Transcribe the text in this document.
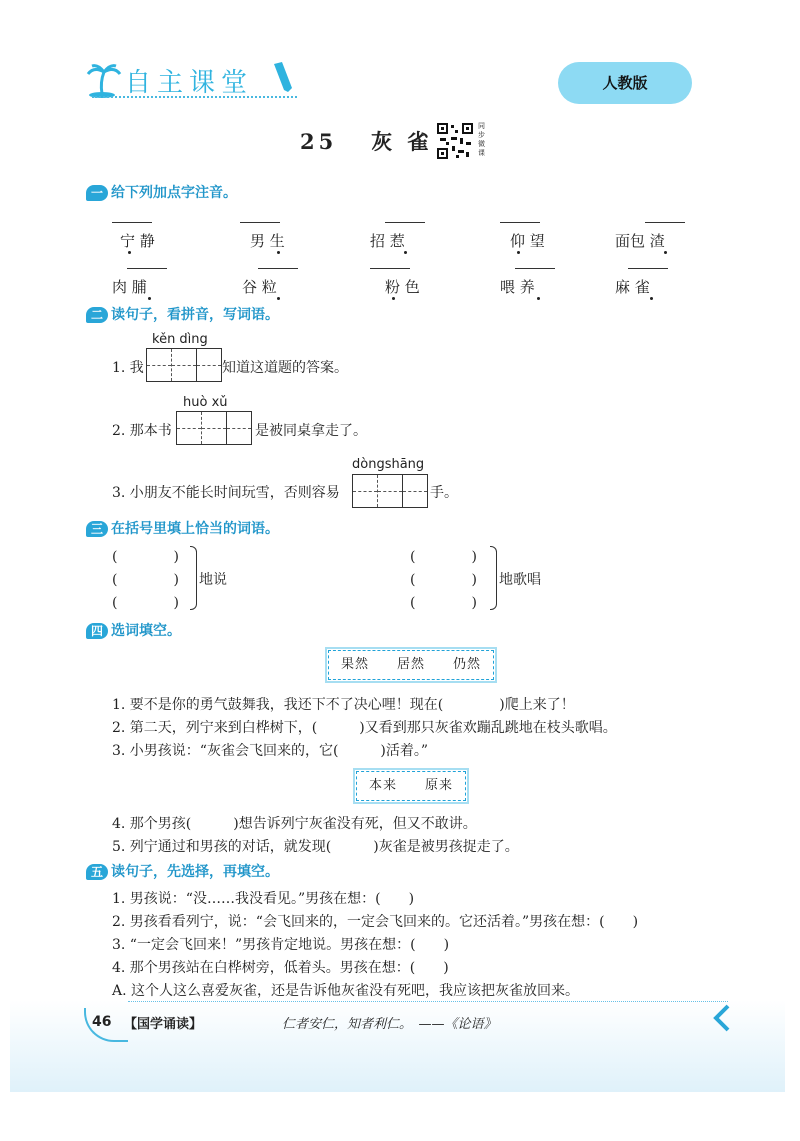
自主课堂	人教版
25 灰 雀
同步微课
一 给下列加点字注音。
宁 静	男 生	招 惹	仰 望	面包 渣
肉 脯	谷 粒	粉 色	喂 养	麻 雀
二 读句子，看拼音，写词语。
kěn dìng
1. 我	知道这道题的答案。
huò xǔ
2. 那本书	是被同桌拿走了。
dòngshāng
3. 小朋友不能长时间玩雪，否则容易	手。
三 在括号里填上恰当的词语。
(　　　　)
(　　　　)
(　　　　)
地说
(　　　　)
(　　　　)
(　　　　)
地歌唱
四 选词填空。
果然　　居然　　仍然
1. 要不是你的勇气鼓舞我，我还下不了决心哩！现在(　　　　)爬上来了！
2. 第二天，列宁来到白桦树下，(　　　)又看到那只灰雀欢蹦乱跳地在枝头歌唱。
3. 小男孩说：“灰雀会飞回来的，它(　　　)活着。”
本来　　原来
4. 那个男孩(　　　)想告诉列宁灰雀没有死，但又不敢讲。
5. 列宁通过和男孩的对话，就发现(　　　)灰雀是被男孩捉走了。
五 读句子，先选择，再填空。
1. 男孩说：“没……我没看见。”男孩在想：(　　)
2. 男孩看看列宁，说：“会飞回来的，一定会飞回来的。它还活着。”男孩在想：(　　)
3. “一定会飞回来！”男孩肯定地说。男孩在想：(　　)
4. 那个男孩站在白桦树旁，低着头。男孩在想：(　　)
A. 这个人这么喜爱灰雀，还是告诉他灰雀没有死吧，我应该把灰雀放回来。
46 【国学诵读】	仁者安仁，知者利仁。　——《论语》
